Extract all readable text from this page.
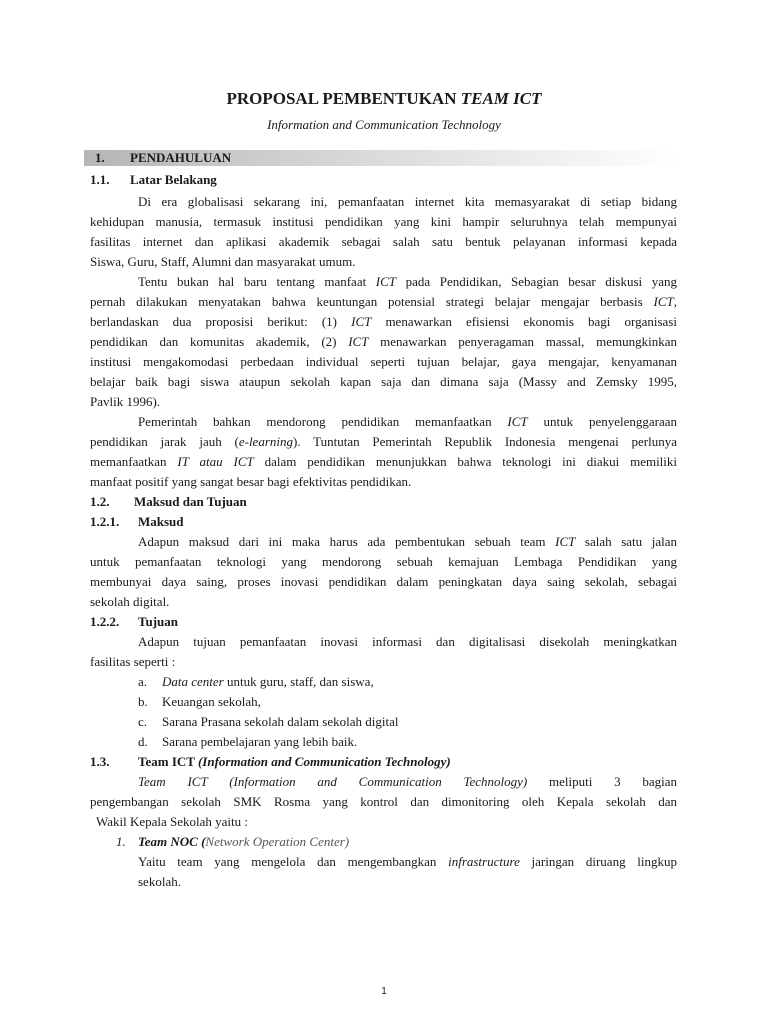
PROPOSAL PEMBENTUKAN TEAM ICT
Information and Communication Technology
1. PENDAHULUAN
1.1. Latar Belakang
Di era globalisasi sekarang ini, pemanfaatan internet kita memasyarakat di setiap bidang
kehidupan manusia, termasuk institusi pendidikan yang kini hampir seluruhnya telah mempunyai
fasilitas internet dan aplikasi akademik sebagai salah satu bentuk pelayanan informasi kepada
Siswa, Guru, Staff, Alumni dan masyarakat umum.
Tentu bukan hal baru tentang manfaat ICT pada Pendidikan, Sebagian besar diskusi yang
pernah dilakukan menyatakan bahwa keuntungan potensial strategi belajar mengajar berbasis ICT,
berlandaskan dua proposisi berikut: (1) ICT menawarkan efisiensi ekonomis bagi organisasi
pendidikan dan komunitas akademik, (2) ICT menawarkan penyeragaman massal, memungkinkan
institusi mengakomodasi perbedaan individual seperti tujuan belajar, gaya mengajar, kenyamanan
belajar baik bagi siswa ataupun sekolah kapan saja dan dimana saja (Massy and Zemsky 1995,
Pavlik 1996).
Pemerintah bahkan mendorong pendidikan memanfaatkan ICT untuk penyelenggaraan
pendidikan jarak jauh (e-learning). Tuntutan Pemerintah Republik Indonesia mengenai perlunya
memanfaatkan IT atau ICT dalam pendidikan menunjukkan bahwa teknologi ini diakui memiliki
manfaat positif yang sangat besar bagi efektivitas pendidikan.
1.2. Maksud dan Tujuan
1.2.1. Maksud
Adapun maksud dari ini maka harus ada pembentukan sebuah team ICT salah satu jalan
untuk pemanfaatan teknologi yang mendorong sebuah kemajuan Lembaga Pendidikan yang
membunyai daya saing, proses inovasi pendidikan dalam peningkatan daya saing sekolah, sebagai
sekolah digital.
1.2.2. Tujuan
Adapun tujuan pemanfaatan inovasi informasi dan digitalisasi disekolah meningkatkan
fasilitas seperti :
a. Data center untuk guru, staff, dan siswa,
b. Keuangan sekolah,
c. Sarana Prasana sekolah dalam sekolah digital
d. Sarana pembelajaran yang lebih baik.
1.3. Team ICT (Information and Communication Technology)
Team ICT (Information and Communication Technology) meliputi 3 bagian
pengembangan sekolah SMK Rosma yang kontrol dan dimonitoring oleh Kepala sekolah dan
Wakil Kepala Sekolah yaitu :
1. Team NOC (Network Operation Center)
Yaitu team yang mengelola dan mengembangkan infrastructure jaringan diruang lingkup
sekolah.
1
